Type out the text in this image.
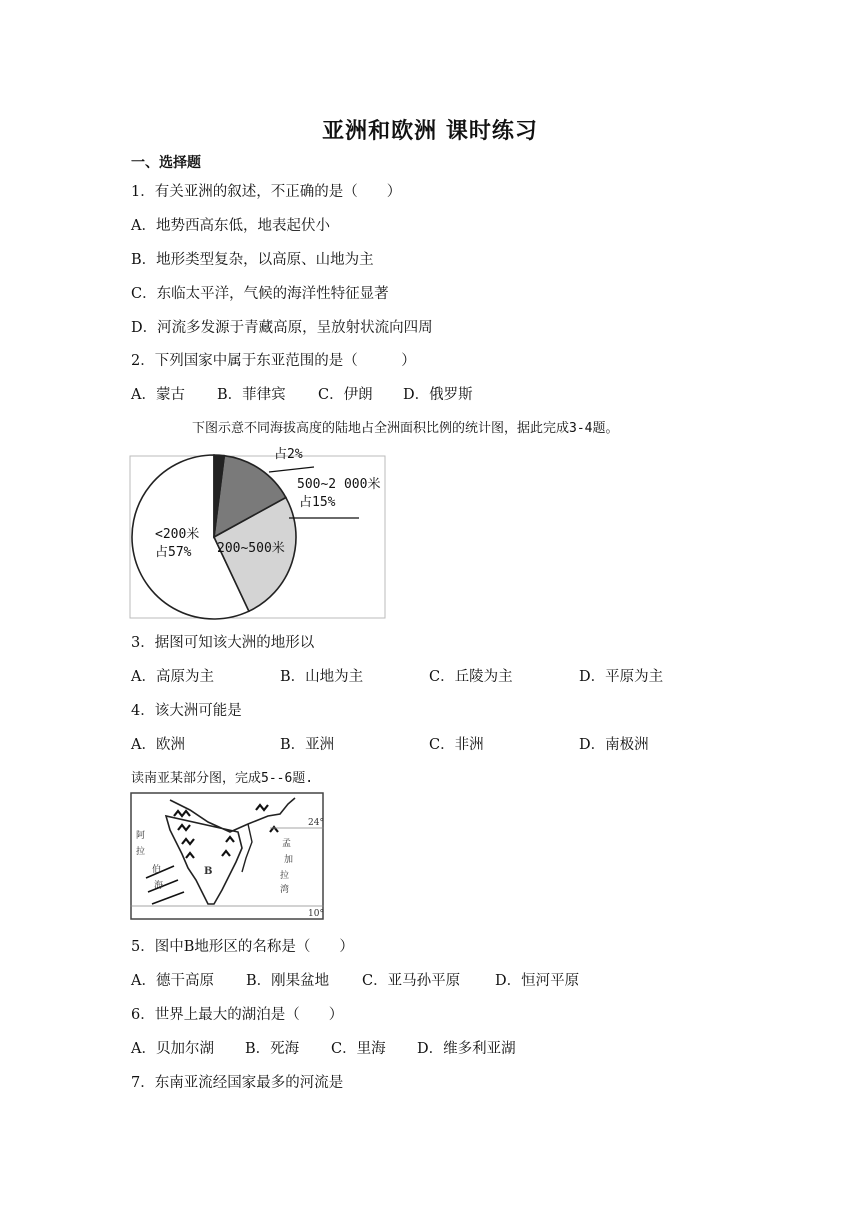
亚洲和欧洲 课时练习
一、选择题
1．有关亚洲的叙述，不正确的是（　　）
A．地势西高东低，地表起伏小
B．地形类型复杂，以高原、山地为主
C．东临太平洋，气候的海洋性特征显著
D．河流多发源于青藏高原，呈放射状流向四周
2．下列国家中属于东亚范围的是（　　　）
A．蒙古 B．菲律宾 C．伊朗 D．俄罗斯
下图示意不同海拔高度的陆地占全洲面积比例的统计图，据此完成3-4题。
占2%
500~2 000米
占15%
<200米
占57% 200~500米
3．据图可知该大洲的地形以
A．高原为主	B．山地为主	C．丘陵为主	D．平原为主
4．该大洲可能是
A．欧洲	B．亚洲	C．非洲	D．南极洲
读南亚某部分图，完成5--6题.
阿
拉
伯
海
孟
加
拉
湾
B
24°
10°
5．图中B地形区的名称是（　　）
A．德干高原 B．刚果盆地 C．亚马孙平原 D．恒河平原
6．世界上最大的湖泊是（　　）
A．贝加尔湖 B．死海 C．里海 D．维多利亚湖
7．东南亚流经国家最多的河流是
